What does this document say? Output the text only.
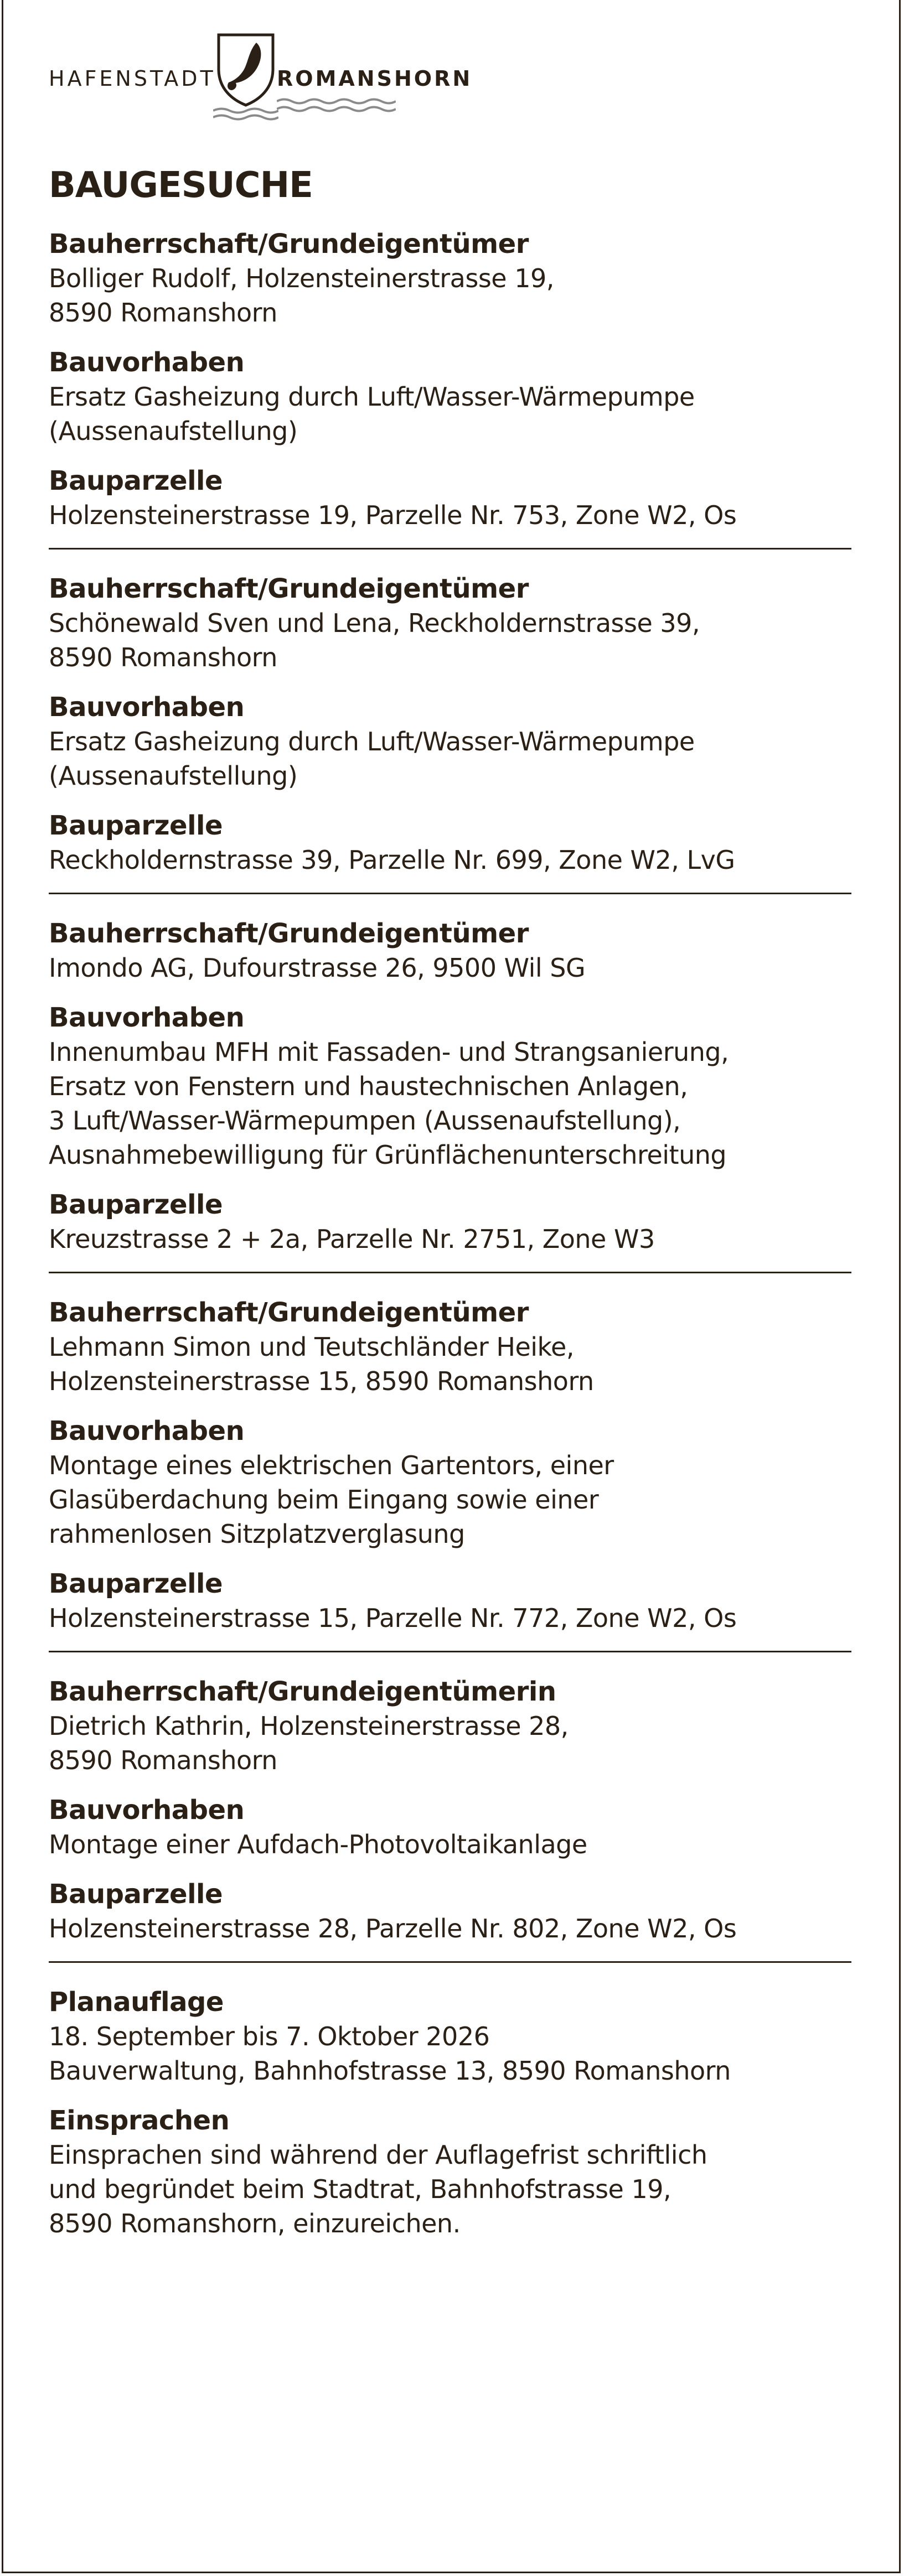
HAFENSTADT	ROMANSHORN
BAUGESUCHE
Bauherrschaft/Grundeigentümer
Bolliger Rudolf, Holzensteinerstrasse 19,
8590 Romanshorn
Bauvorhaben
Ersatz Gasheizung durch Luft/Wasser-Wärmepumpe
(Aussenaufstellung)
Bauparzelle
Holzensteinerstrasse 19, Parzelle Nr. 753, Zone W2, Os
Bauherrschaft/Grundeigentümer
Schönewald Sven und Lena, Reckholdernstrasse 39,
8590 Romanshorn
Bauvorhaben
Ersatz Gasheizung durch Luft/Wasser-Wärmepumpe
(Aussenaufstellung)
Bauparzelle
Reckholdernstrasse 39, Parzelle Nr. 699, Zone W2, LvG
Bauherrschaft/Grundeigentümer
Imondo AG, Dufourstrasse 26, 9500 Wil SG
Bauvorhaben
Innenumbau MFH mit Fassaden- und Strangsanierung,
Ersatz von Fenstern und haustechnischen Anlagen,
3 Luft/Wasser-Wärmepumpen (Aussenaufstellung),
Ausnahmebewilligung für Grünflächenunterschreitung
Bauparzelle
Kreuzstrasse 2 + 2a, Parzelle Nr. 2751, Zone W3
Bauherrschaft/Grundeigentümer
Lehmann Simon und Teutschländer Heike,
Holzensteinerstrasse 15, 8590 Romanshorn
Bauvorhaben
Montage eines elektrischen Gartentors, einer
Glasüberdachung beim Eingang sowie einer
rahmenlosen Sitzplatzverglasung
Bauparzelle
Holzensteinerstrasse 15, Parzelle Nr. 772, Zone W2, Os
Bauherrschaft/Grundeigentümerin
Dietrich Kathrin, Holzensteinerstrasse 28,
8590 Romanshorn
Bauvorhaben
Montage einer Aufdach-Photovoltaikanlage
Bauparzelle
Holzensteinerstrasse 28, Parzelle Nr. 802, Zone W2, Os
Planauflage
18. September bis 7. Oktober 2026
Bauverwaltung, Bahnhofstrasse 13, 8590 Romanshorn
Einsprachen
Einsprachen sind während der Auflagefrist schriftlich
und begründet beim Stadtrat, Bahnhofstrasse 19,
8590 Romanshorn, einzureichen.
